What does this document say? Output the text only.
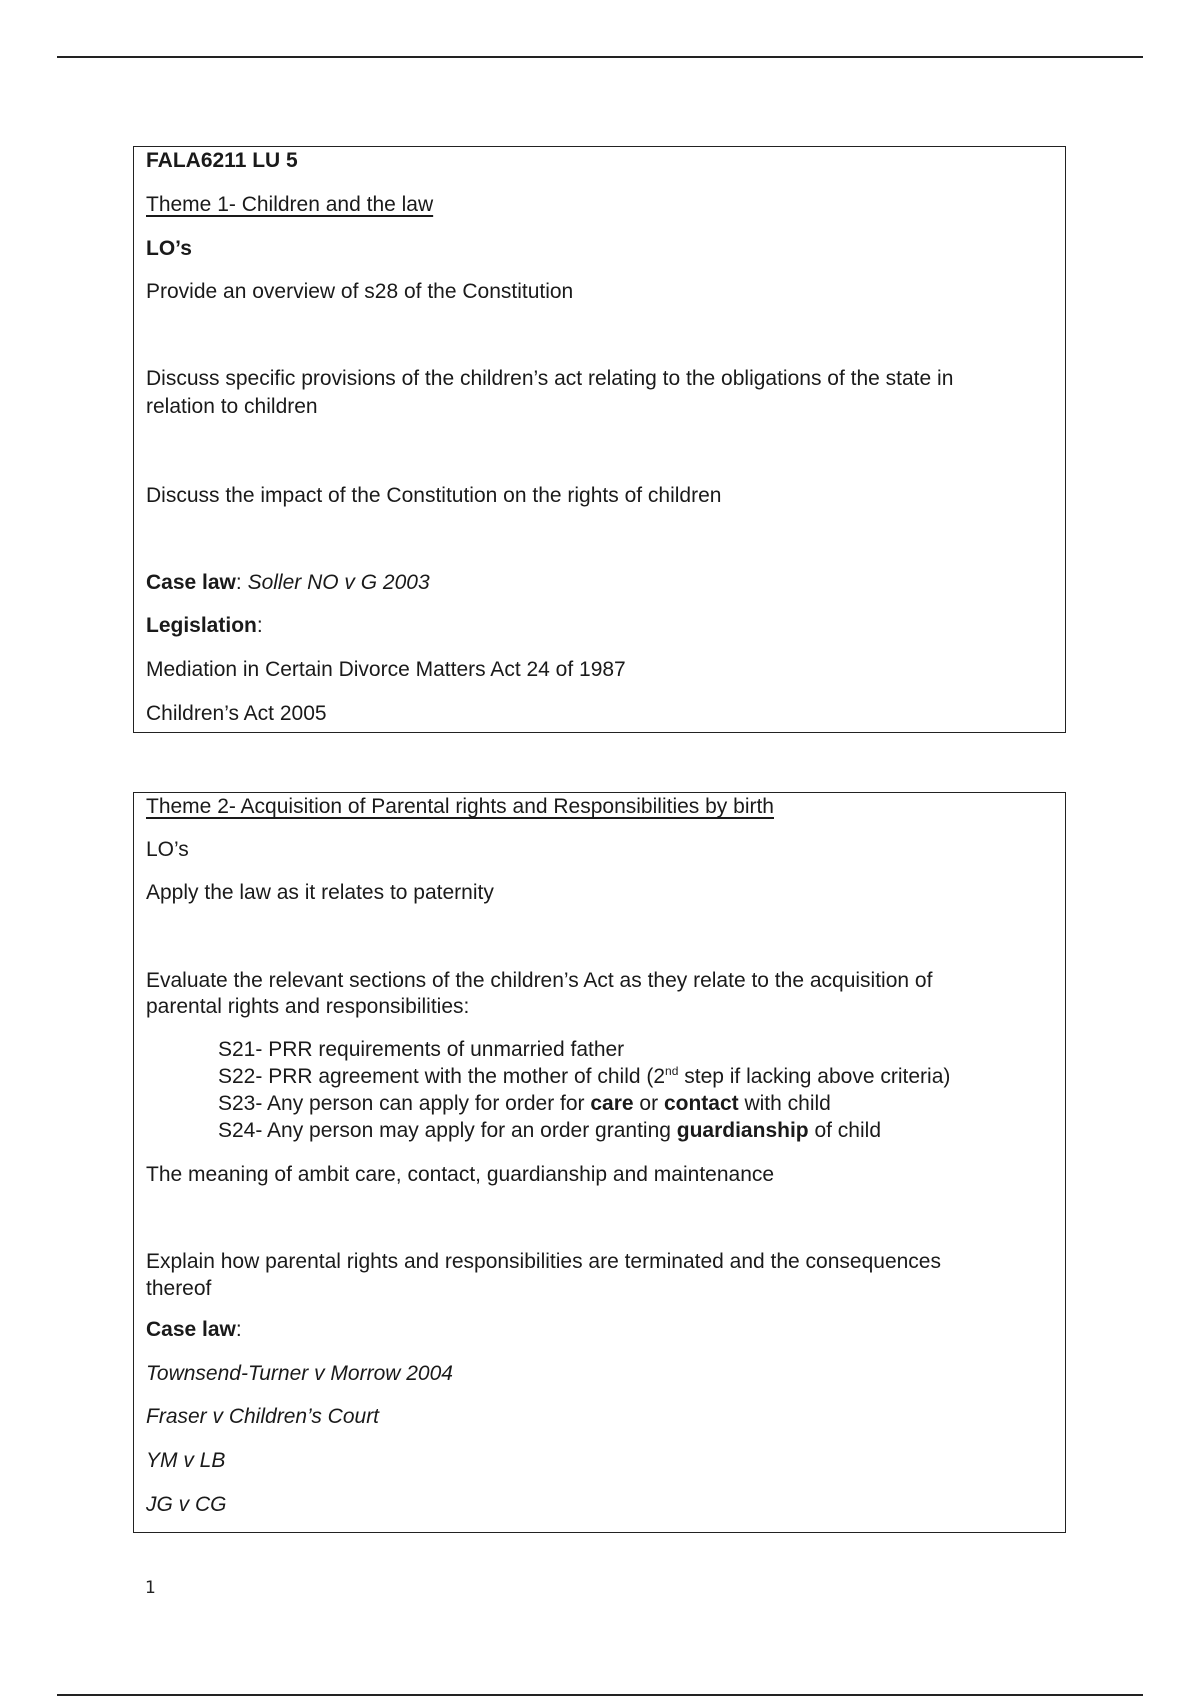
FALA6211 LU 5

Theme 1- Children and the law

LO’s

Provide an overview of s28 of the Constitution

Discuss specific provisions of the children’s act relating to the obligations of the state in

relation to children

Discuss the impact of the Constitution on the rights of children

Case law: Soller NO v G 2003

Legislation:

Mediation in Certain Divorce Matters Act 24 of 1987

Children’s Act 2005

Theme 2- Acquisition of Parental rights and Responsibilities by birth

LO’s

Apply the law as it relates to paternity

Evaluate the relevant sections of the children’s Act as they relate to the acquisition of

parental rights and responsibilities:

S21- PRR requirements of unmarried father

S22- PRR agreement with the mother of child (2nd step if lacking above criteria)

S23- Any person can apply for order for care or contact with child

S24- Any person may apply for an order granting guardianship of child

The meaning of ambit care, contact, guardianship and maintenance

Explain how parental rights and responsibilities are terminated and the consequences

thereof

Case law:

Townsend-Turner v Morrow 2004

Fraser v Children’s Court

YM v LB

JG v CG

1
